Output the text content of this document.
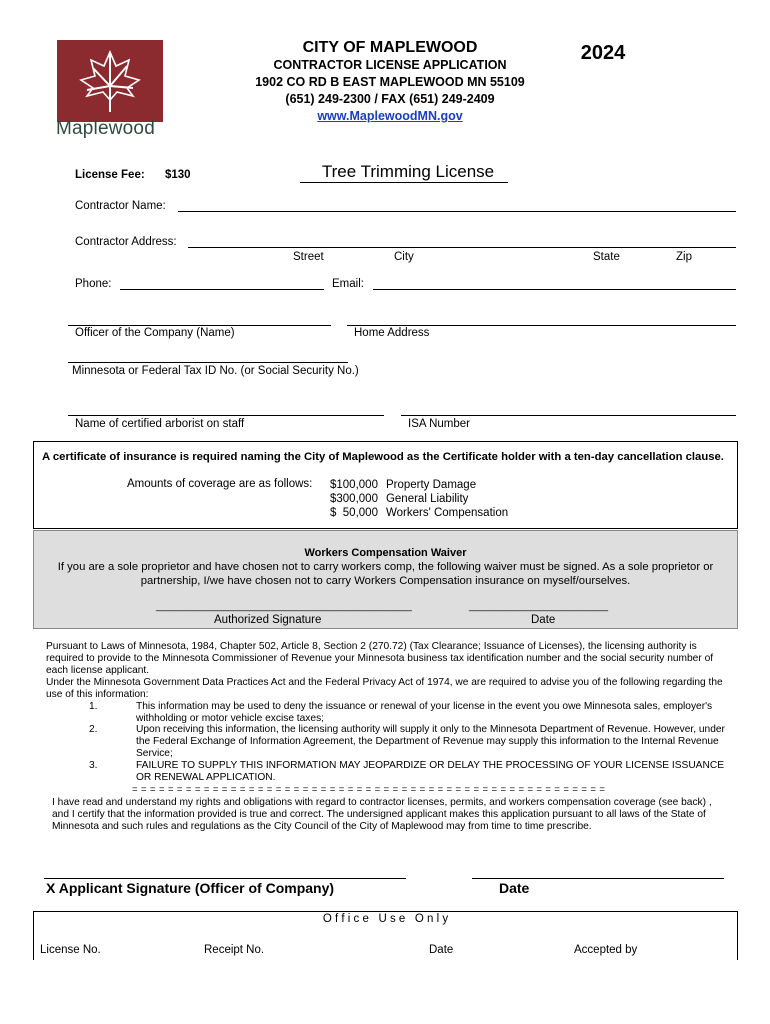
Maplewood
CITY OF MAPLEWOOD	2024
CONTRACTOR LICENSE APPLICATION
1902 CO RD B EAST MAPLEWOOD MN 55109
(651) 249-2300 / FAX (651) 249-2409
www.MaplewoodMN.gov
License Fee: $130	Tree Trimming License
Contractor Name:
Contractor Address:
Street	City	State	Zip
Phone:	Email:
Officer of the Company (Name)	Home Address
Minnesota or Federal Tax ID No. (or Social Security No.)
Name of certified arborist on staff	ISA Number
A certificate of insurance is required naming the City of Maplewood as the Certificate holder with a ten-day cancellation clause.
Amounts of coverage are as follows: $100,000	Property Damage
$300,000	General Liability
$  50,000	Workers' Compensation
Workers Compensation Waiver
If you are a sole proprietor and have chosen not to carry workers comp, the following waiver must be signed. As a sole proprietor or
partnership, I/we have chosen not to carry Workers Compensation insurance on myself/ourselves.
______________________________________________	_________________________
Authorized Signature	Date
Pursuant to Laws of Minnesota, 1984, Chapter 502, Article 8, Section 2 (270.72) (Tax Clearance; Issuance of Licenses), the licensing authority is required to provide to the Minnesota Commissioner of Revenue your Minnesota business tax identification number and the social security number of each license applicant.
Under the Minnesota Government Data Practices Act and the Federal Privacy Act of 1974, we are required to advise you of the following regarding the use of this information:
1.	This information may be used to deny the issuance or renewal of your license in the event you owe Minnesota sales, employer's withholding or motor vehicle excise taxes;
2.	Upon receiving this information, the licensing authority will supply it only to the Minnesota Department of Revenue. However, under the Federal Exchange of Information Agreement, the Department of Revenue may supply this information to the Internal Revenue Service;
3.	FAILURE TO SUPPLY THIS INFORMATION MAY JEOPARDIZE OR DELAY THE PROCESSING OF YOUR LICENSE ISSUANCE OR RENEWAL APPLICATION.
= = = = = = = = = = = = = = = = = = = = = = = = = = = = = = = = = = = = = = = = = = = = = = = = = = = = =
I have read and understand my rights and obligations with regard to contractor licenses, permits, and workers compensation coverage (see back) , and I certify that the information provided is true and correct. The undersigned applicant makes this application pursuant to all laws of the State of Minnesota and such rules and regulations as the City Council of the City of Maplewood may from time to time prescribe.
X Applicant Signature (Officer of Company)	Date
O f f i c e   U s e   O n l y
License No.	Receipt No.	Date	Accepted by
